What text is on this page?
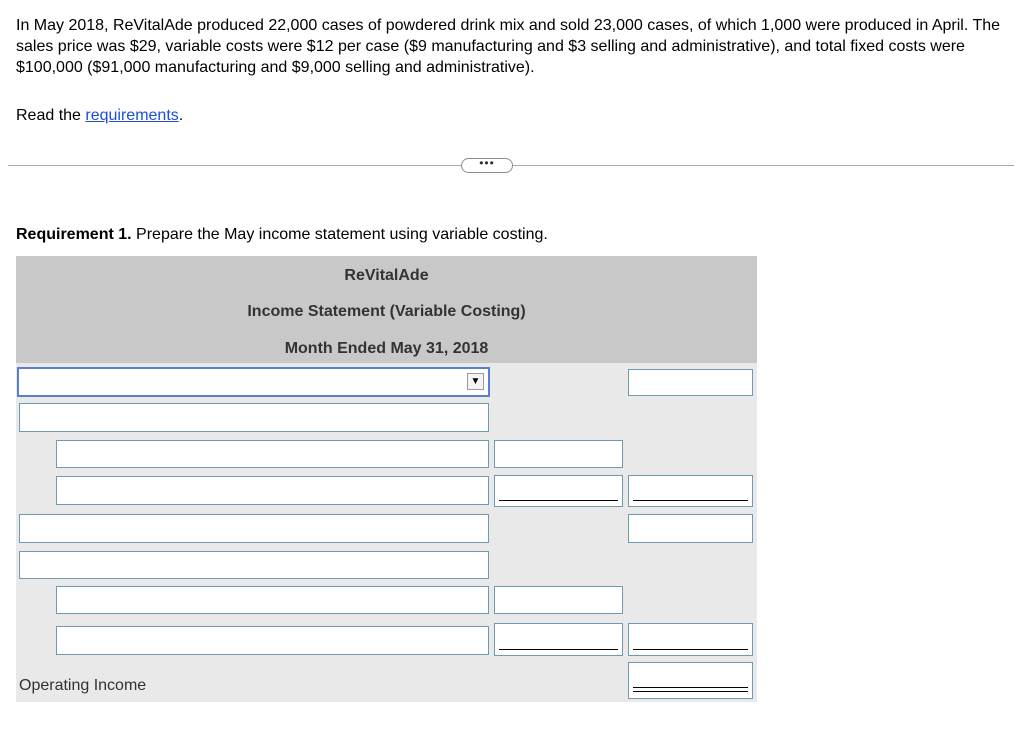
In May 2018, ReVitalAde produced 22,000 cases of powdered drink mix and sold 23,000 cases, of which 1,000 were produced in April. The sales price was $29, variable costs were $12 per case ($9 manufacturing and $3 selling and administrative), and total fixed costs were $100,000 ($91,000 manufacturing and $9,000 selling and administrative).

Read the requirements.

•••

Requirement 1. Prepare the May income statement using variable costing.

ReVitalAde
Income Statement (Variable Costing)
Month Ended May 31, 2018
▼
Operating Income
